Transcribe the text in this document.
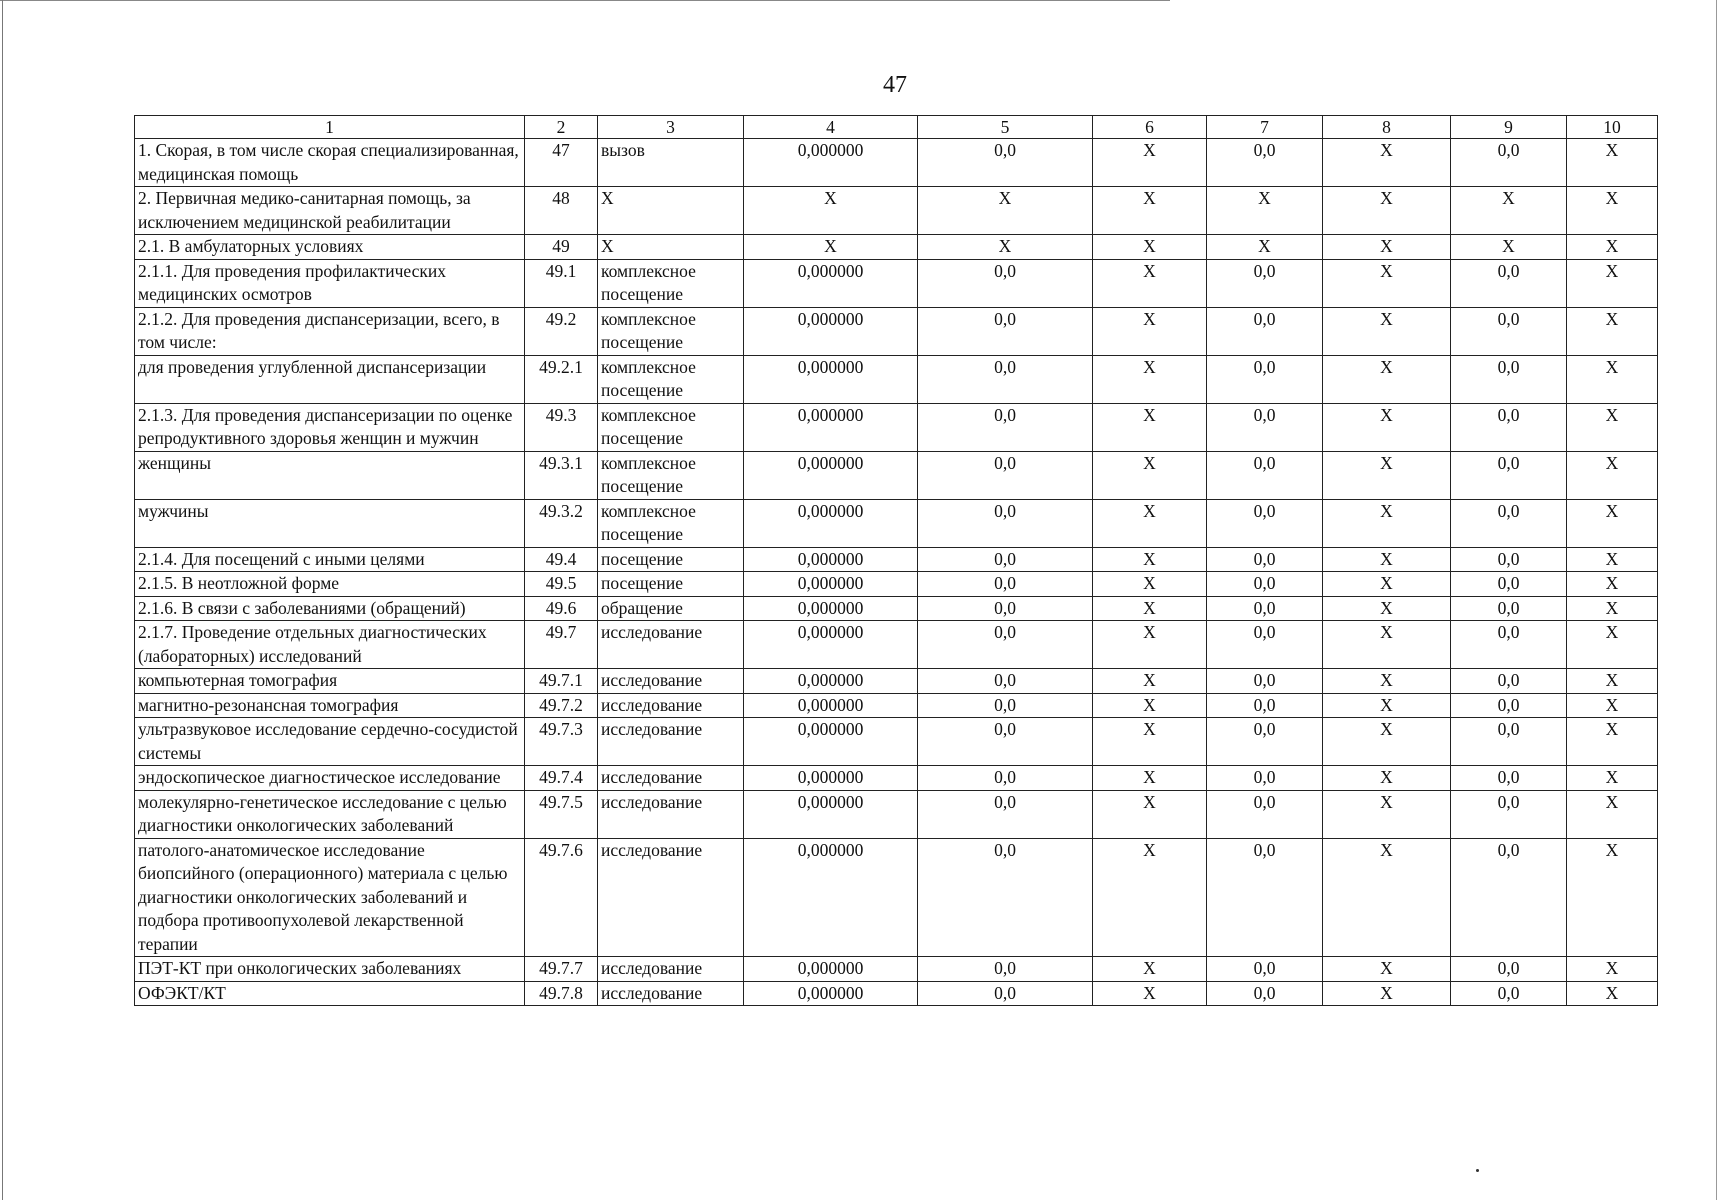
47
1	2	3	4	5	6	7	8	9	10
1. Скорая, в том числе скорая специализированная, медицинская помощь	47	вызов	0,000000	0,0	Х	0,0	Х	0,0	Х
2. Первичная медико-санитарная помощь, за исключением медицинской реабилитации	48	Х	Х	Х	Х	Х	Х	Х	Х
2.1. В амбулаторных условиях	49	Х	Х	Х	Х	Х	Х	Х	Х
2.1.1. Для проведения профилактических медицинских осмотров	49.1	комплексное посещение	0,000000	0,0	Х	0,0	Х	0,0	Х
2.1.2. Для проведения диспансеризации, всего, в том числе:	49.2	комплексное посещение	0,000000	0,0	Х	0,0	Х	0,0	Х
для проведения углубленной диспансеризации	49.2.1	комплексное посещение	0,000000	0,0	Х	0,0	Х	0,0	Х
2.1.3. Для проведения диспансеризации по оценке репродуктивного здоровья женщин и мужчин	49.3	комплексное посещение	0,000000	0,0	Х	0,0	Х	0,0	Х
женщины	49.3.1	комплексное посещение	0,000000	0,0	Х	0,0	Х	0,0	Х
мужчины	49.3.2	комплексное посещение	0,000000	0,0	Х	0,0	Х	0,0	Х
2.1.4. Для посещений с иными целями	49.4	посещение	0,000000	0,0	Х	0,0	Х	0,0	Х
2.1.5. В неотложной форме	49.5	посещение	0,000000	0,0	Х	0,0	Х	0,0	Х
2.1.6. В связи с заболеваниями (обращений)	49.6	обращение	0,000000	0,0	Х	0,0	Х	0,0	Х
2.1.7. Проведение отдельных диагностических (лабораторных) исследований	49.7	исследование	0,000000	0,0	Х	0,0	Х	0,0	Х
компьютерная томография	49.7.1	исследование	0,000000	0,0	Х	0,0	Х	0,0	Х
магнитно-резонансная томография	49.7.2	исследование	0,000000	0,0	Х	0,0	Х	0,0	Х
ультразвуковое исследование сердечно-сосудистой системы	49.7.3	исследование	0,000000	0,0	Х	0,0	Х	0,0	Х
эндоскопическое диагностическое исследование	49.7.4	исследование	0,000000	0,0	Х	0,0	Х	0,0	Х
молекулярно-генетическое исследование с целью диагностики онкологических заболеваний	49.7.5	исследование	0,000000	0,0	Х	0,0	Х	0,0	Х
патолого-анатомическое исследование биопсийного (операционного) материала с целью диагностики онкологических заболеваний и подбора противоопухолевой лекарственной терапии	49.7.6	исследование	0,000000	0,0	Х	0,0	Х	0,0	Х
ПЭТ-КТ при онкологических заболеваниях	49.7.7	исследование	0,000000	0,0	Х	0,0	Х	0,0	Х
ОФЭКТ/КТ	49.7.8	исследование	0,000000	0,0	Х	0,0	Х	0,0	Х
